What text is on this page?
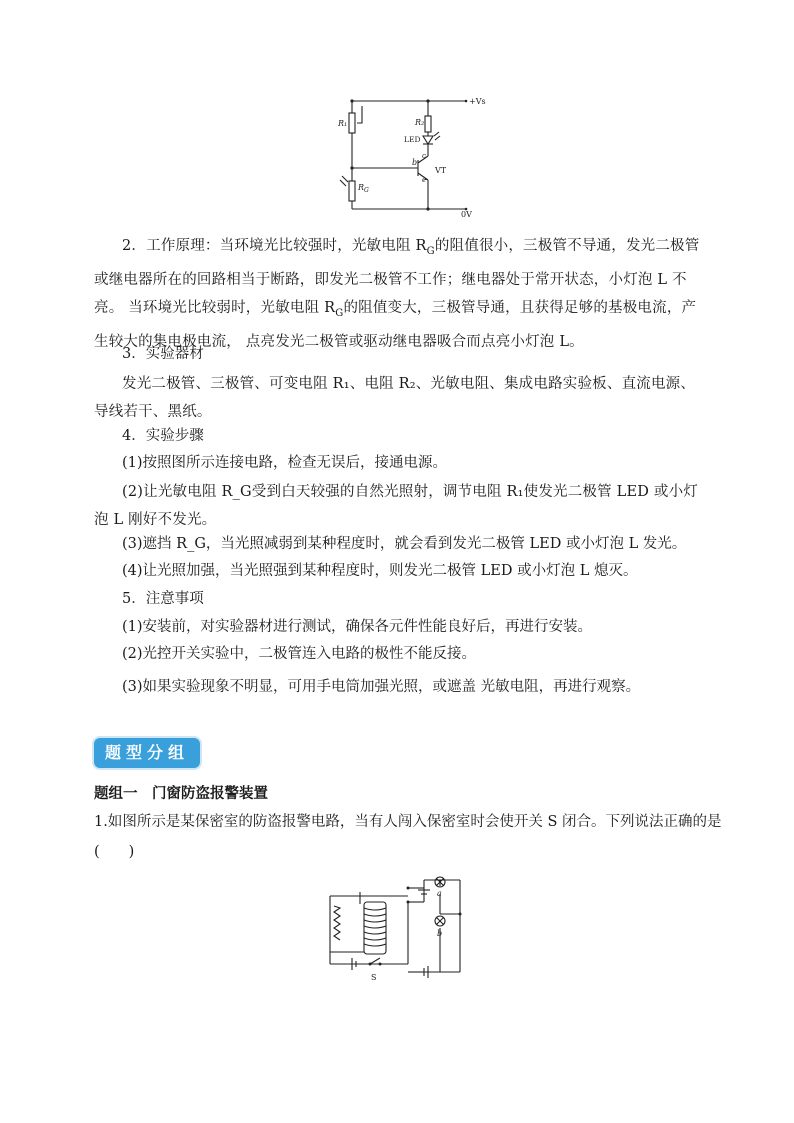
+Vs
R₁	R₂
LED
$R_G$
b
c
e
VT
0V
2．工作原理：当环境光比较强时，光敏电阻 $R_G$的阻值很小，三极管不导通，发光二极管或继电器所在的回路相当于断路，即发光二极管不工作；继电器处于常开状态，小灯泡 L 不亮。 当环境光比较弱时，光敏电阻 $R_G$的阻值变大，三极管导通，且获得足够的基极电流，产生较大的集电极电流， 点亮发光二极管或驱动继电器吸合而点亮小灯泡 L。
3．实验器材
发光二极管、三极管、可变电阻 R₁、电阻 R₂、光敏电阻、集成电路实验板、直流电源、导线若干、黑纸。
4．实验步骤
(1)按照图所示连接电路，检查无误后，接通电源。
(2)让光敏电阻 R_G受到白天较强的自然光照射，调节电阻 R₁使发光二极管 LED 或小灯泡 L 刚好不发光。
(3)遮挡 R_G，当光照减弱到某种程度时，就会看到发光二极管 LED 或小灯泡 L 发光。
(4)让光照加强，当光照强到某种程度时，则发光二极管 LED 或小灯泡 L 熄灭。
5．注意事项
(1)安装前，对实验器材进行测试，确保各元件性能良好后，再进行安装。
(2)光控开关实验中，二极管连入电路的极性不能反接。
(3)如果实验现象不明显，可用手电筒加强光照，或遮盖 光敏电阻，再进行观察。
题型分组
题组一　门窗防盗报警装置
1.如图所示是某保密室的防盗报警电路，当有人闯入保密室时会使开关 S 闭合。下列说法正确的是
(　　)
a
b
S
